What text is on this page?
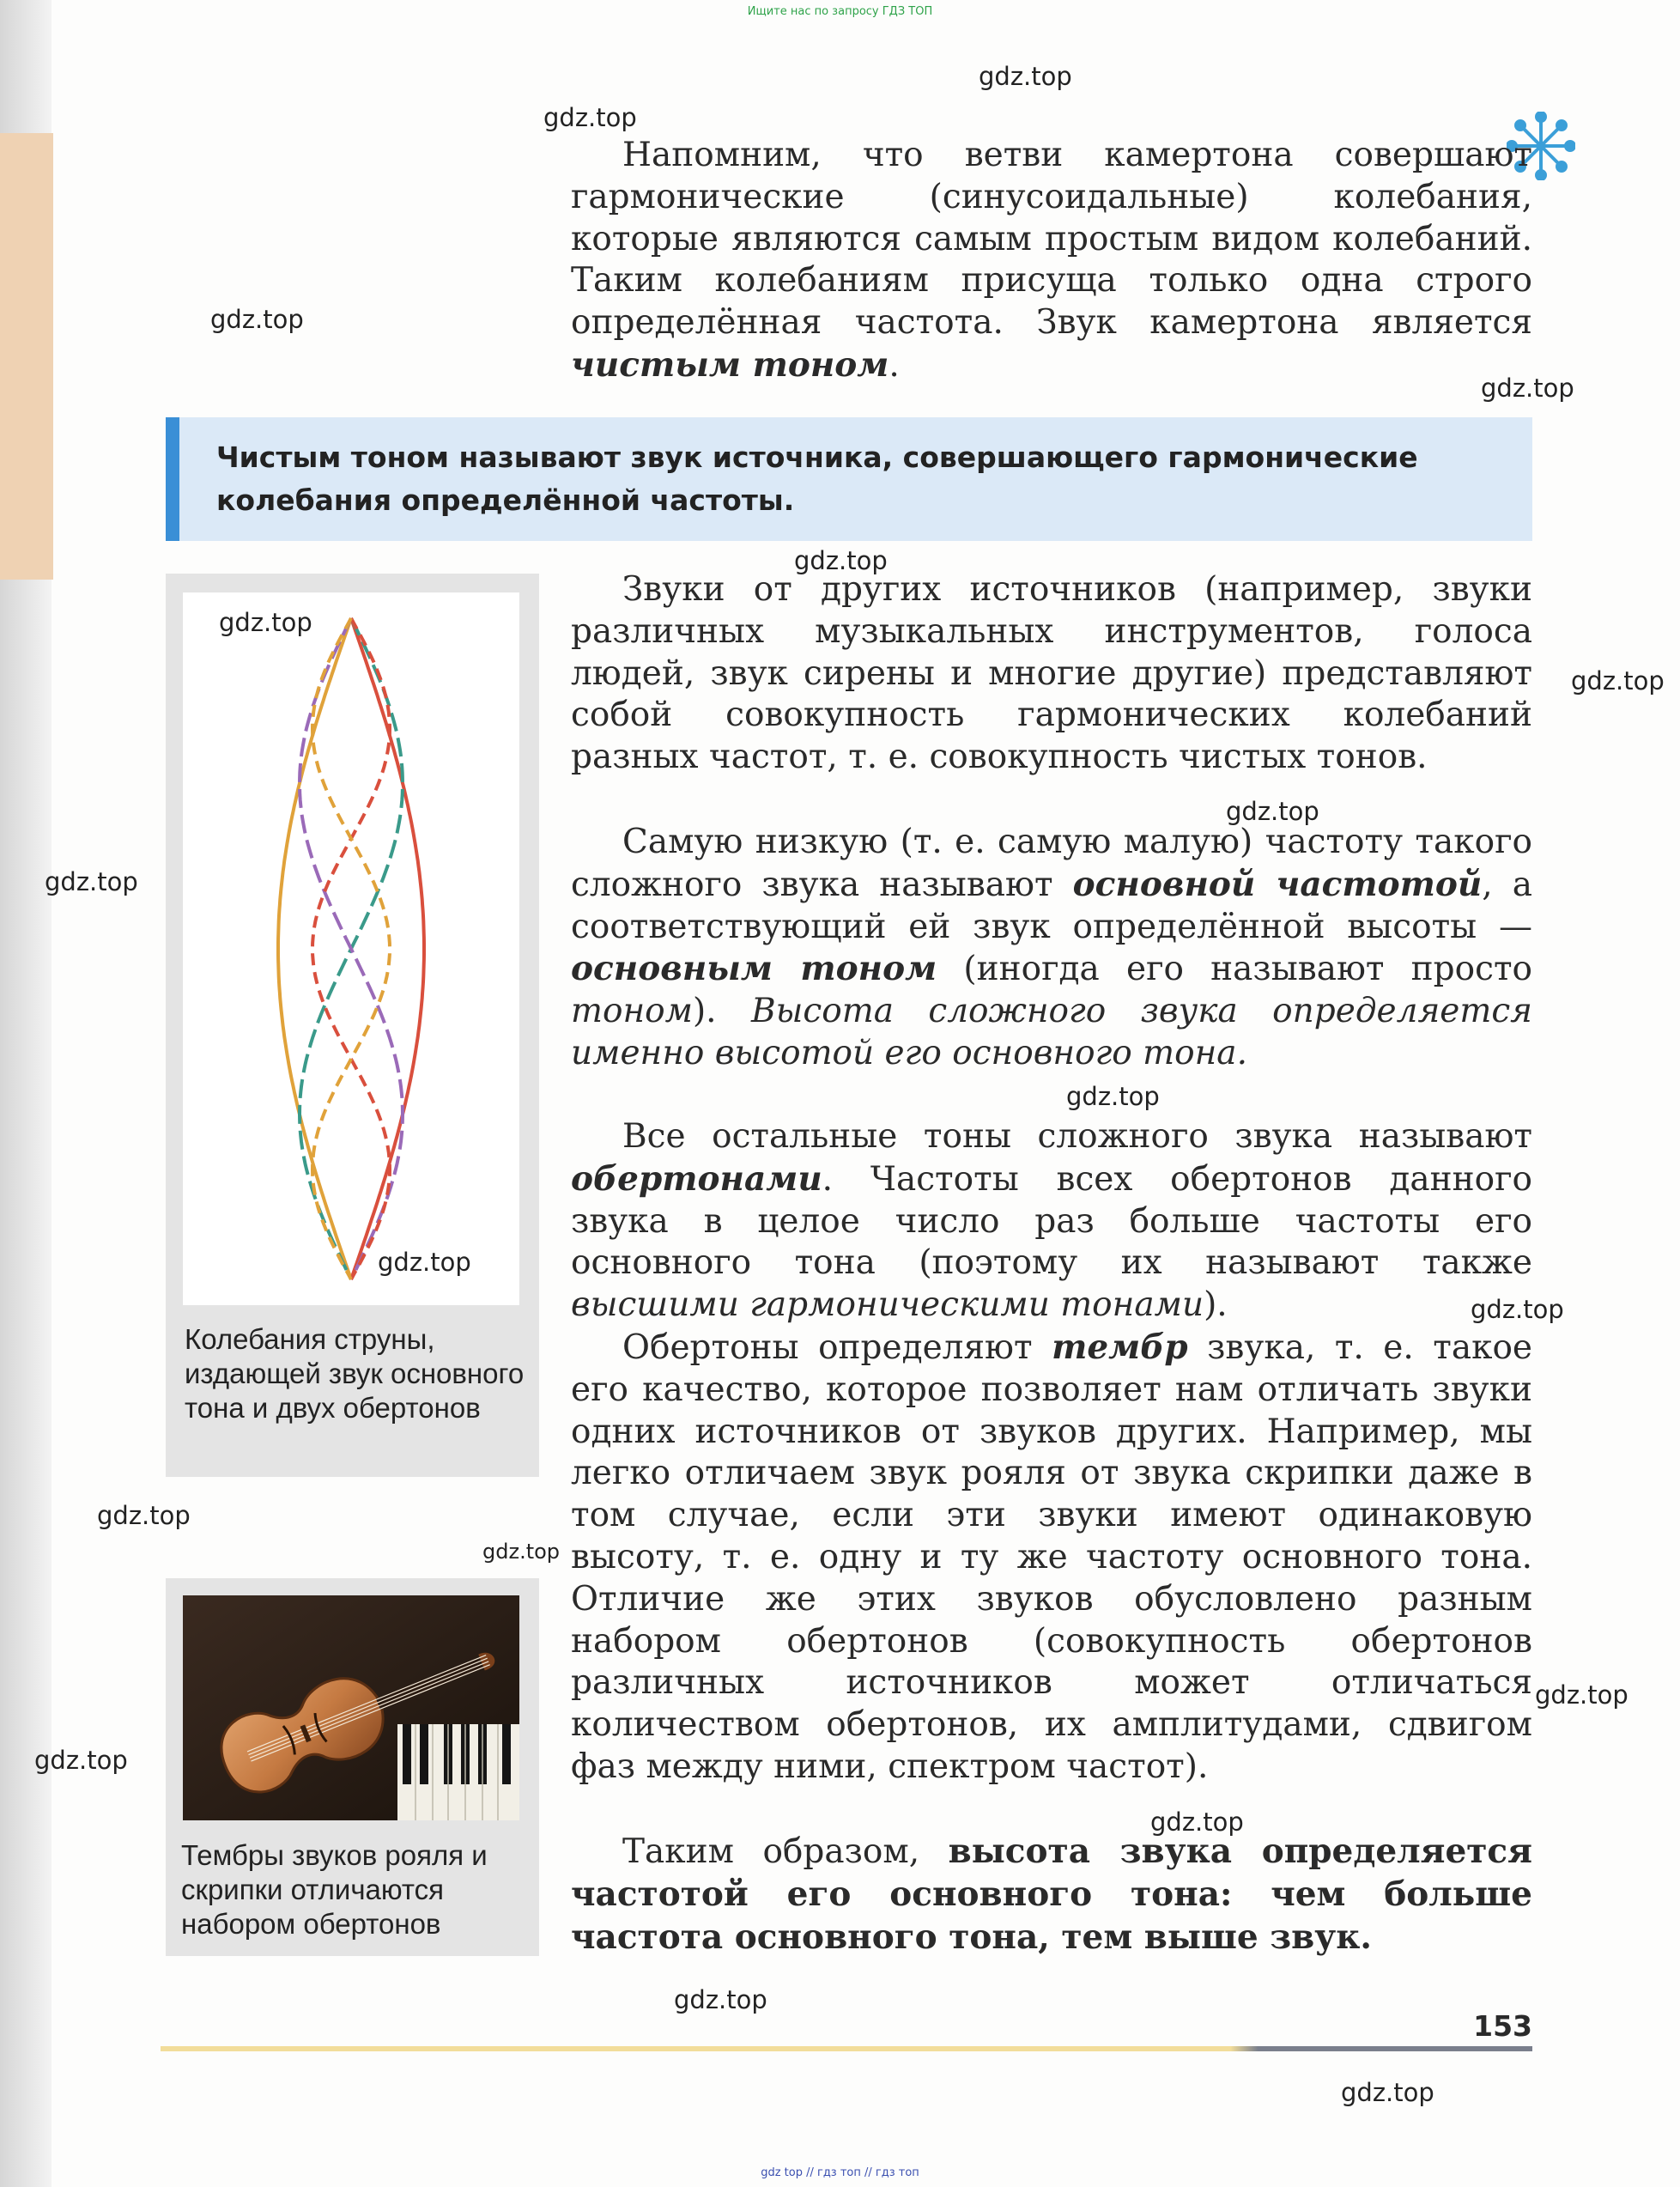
Ищите нас по запросу ГДЗ ТОП

Напомним, что ветви камертона совершают гармонические (синусоидальные) колебания, которые являются самым простым видом колебаний. Таким колебаниям присуща только одна строго определённая частота. Звук камертона является чистым тоном.

Чистым тоном называют звук источника, совершающего гармонические колебания определённой частоты.

Колебания струны, издающей звук основного тона и двух обертонов

Звуки от других источников (например, звуки различных музыкальных инструментов, голоса людей, звук сирены и многие другие) представляют собой совокупность гармонических колебаний разных частот, т. е. совокупность чистых тонов.

Самую низкую (т. е. самую малую) частоту такого сложного звука называют основной частотой, а соответствующий ей звук определённой высоты — основным тоном (иногда его называют просто тоном). Высота сложного звука определяется именно высотой его основного тона.

Все остальные тоны сложного звука называют обертонами. Частоты всех обертонов данного звука в целое число раз больше частоты его основного тона (поэтому их называют также высшими гармоническими тонами).

Обертоны определяют тембр звука, т. е. такое его качество, которое позволяет нам отличать звуки одних источников от звуков других. Например, мы легко отличаем звук рояля от звука скрипки даже в том случае, если эти звуки имеют одинаковую высоту, т. е. одну и ту же частоту основного тона. Отличие же этих звуков обусловлено разным набором обертонов (совокупность обертонов различных источников может отличаться количеством обертонов, их амплитудами, сдвигом фаз между ними, спектром частот).

Тембры звуков рояля и скрипки отличаются набором обертонов

Таким образом, высота звука определяется частотой его основного тона: чем больше частота основного тона, тем выше звук.

153
gdz.top
gdz.top
gdz.top
gdz.top
gdz.top
gdz.top
gdz.top
gdz.top
gdz.top
gdz.top
gdz.top
gdz.top
gdz.top
gdz.top
gdz.top
gdz.top
gdz.top
gdz.top
gdz.top
gdz top // гдз топ // гдз топ
